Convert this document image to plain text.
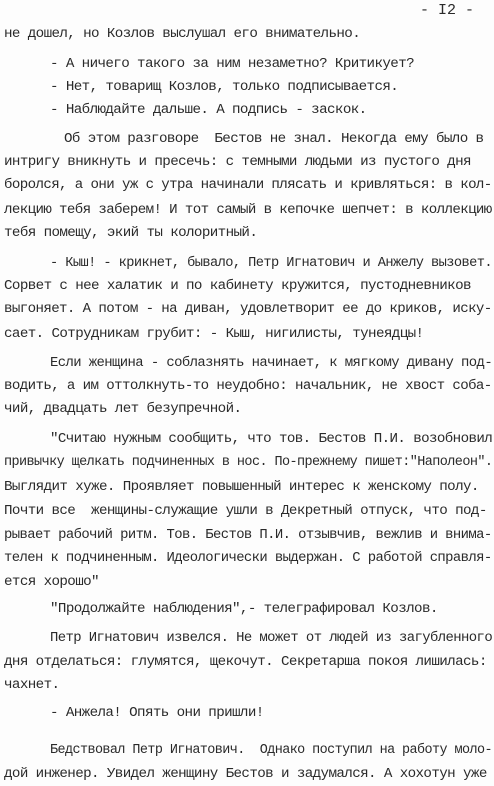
- I2 -
не дошел, но Козлов выслушал его внимательно.
- А ничего такого за ним незаметно? Критикует?
- Нет, товарищ Козлов, только подписывается.
- Наблюдайте дальше. А подпись - заскок.
Об этом разговоре  Бестов не знал. Некогда ему было в
интригу вникнуть и пресечь: с темными людьми из пустого дня
боролся, а они уж с утра начинали плясать и кривляться: в кол-
лекцию тебя заберем! И тот самый в кепочке шепчет: в коллекцию
тебя помещу, экий ты колоритный.
- Кыш! - крикнет, бывало, Петр Игнатович и Анжелу вызовет.
Сорвет с нее халатик и по кабинету кружится, пустодневников
выгоняет. А потом - на диван, удовлетворит ее до криков, иску-
сает. Сотрудникам грубит: - Кыш, нигилисты, тунеядцы!
Если женщина - соблазнять начинает, к мягкому дивану под-
водить, а им оттолкнуть-то неудобно: начальник, не хвост соба-
чий, двадцать лет безупречной.
"Считаю нужным сообщить, что тов. Бестов П.И. возобновил
привычку щелкать подчиненных в нос. По-прежнему пишет:"Наполеон".
Выглядит хуже. Проявляет повышенный интерес к женскому полу.
Почти все  женщины-служащие ушли в Декретный отпуск, что под-
рывает рабочий ритм. Тов. Бестов П.И. отзывчив, вежлив и внима-
телен к подчиненным. Идеологически выдержан. С работой справля-
ется хорошо"
"Продолжайте наблюдения",- телеграфировал Козлов.
Петр Игнатович извелся. Не может от людей из загубленного
дня отделаться: глумятся, щекочут. Секретарша покоя лишилась:
чахнет.
- Анжела! Опять они пришли!
Бедствовал Петр Игнатович.  Однако поступил на работу моло-
дой инженер. Увидел женщину Бестов и задумался. А хохотун уже
